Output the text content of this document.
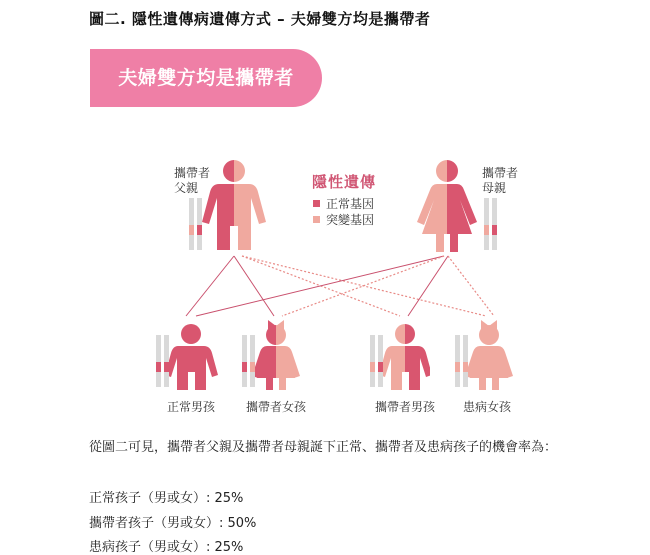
圖二. 隱性遺傳病遺傳方式 – 夫婦雙方均是攜帶者
夫婦雙方均是攜帶者
攜帶者
父親
攜帶者
母親
隱性遺傳
正常基因
突變基因
正常男孩	攜帶者女孩	攜帶者男孩 患病女孩
從圖二可見，攜帶者父親及攜帶者母親誕下正常、攜帶者及患病孩子的機會率為：
正常孩子（男或女）: 25%
攜帶者孩子（男或女）: 50%
患病孩子（男或女）: 25%
